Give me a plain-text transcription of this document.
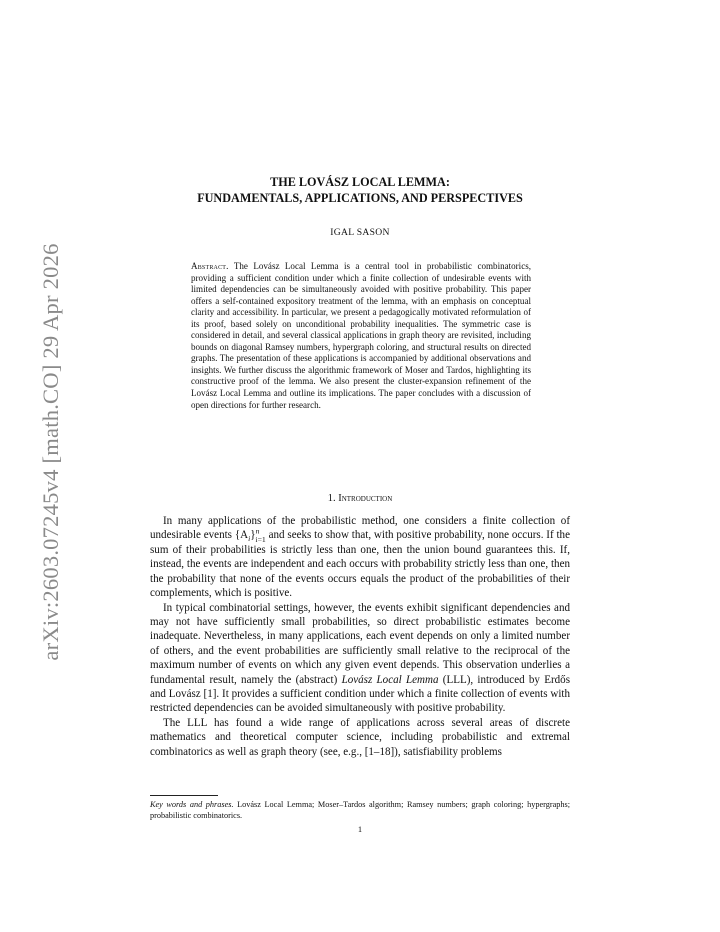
arXiv:2603.07245v4 [math.CO] 29 Apr 2026
THE LOVÁSZ LOCAL LEMMA:
FUNDAMENTALS, APPLICATIONS, AND PERSPECTIVES
IGAL SASON
Abstract. The Lovász Local Lemma is a central tool in probabilistic combinatorics, providing a sufficient condition under which a finite collection of undesirable events with limited dependencies can be simultaneously avoided with positive probability. This paper offers a self-contained expository treatment of the lemma, with an emphasis on conceptual clarity and accessibility. In particular, we present a pedagogically motivated reformulation of its proof, based solely on unconditional probability inequalities. The symmetric case is considered in detail, and several classical applications in graph theory are revisited, including bounds on diagonal Ramsey numbers, hypergraph coloring, and structural results on directed graphs. The presentation of these applications is accompanied by additional observations and insights. We further discuss the algorithmic framework of Moser and Tardos, highlighting its constructive proof of the lemma. We also present the cluster-expansion refinement of the Lovász Local Lemma and outline its implications. The paper concludes with a discussion of open directions for further research.
1. Introduction

In many applications of the probabilistic method, one considers a finite collection of undesirable events $\{A_i\}^n_{i=1}$ and seeks to show that, with positive probability, none occurs. If the sum of their probabilities is strictly less than one, then the union bound guarantees this. If, instead, the events are independent and each occurs with probability strictly less than one, then the probability that none of the events occurs equals the product of the probabilities of their complements, which is positive.

In typical combinatorial settings, however, the events exhibit significant dependencies and may not have sufficiently small probabilities, so direct probabilistic estimates become inadequate. Nevertheless, in many applications, each event depends on only a limited number of others, and the event probabilities are sufficiently small relative to the reciprocal of the maximum number of events on which any given event depends. This observation underlies a fundamental result, namely the (abstract) Lovász Local Lemma (LLL), introduced by Erdős and Lovász [1]. It provides a sufficient condition under which a finite collection of events with restricted dependencies can be avoided simultaneously with positive probability.

The LLL has found a wide range of applications across several areas of discrete mathematics and theoretical computer science, including probabilistic and extremal combinatorics as well as graph theory (see, e.g., [1–18]), satisfiability problems

Key words and phrases. Lovász Local Lemma; Moser–Tardos algorithm; Ramsey numbers; graph coloring; hypergraphs; probabilistic combinatorics.
1
